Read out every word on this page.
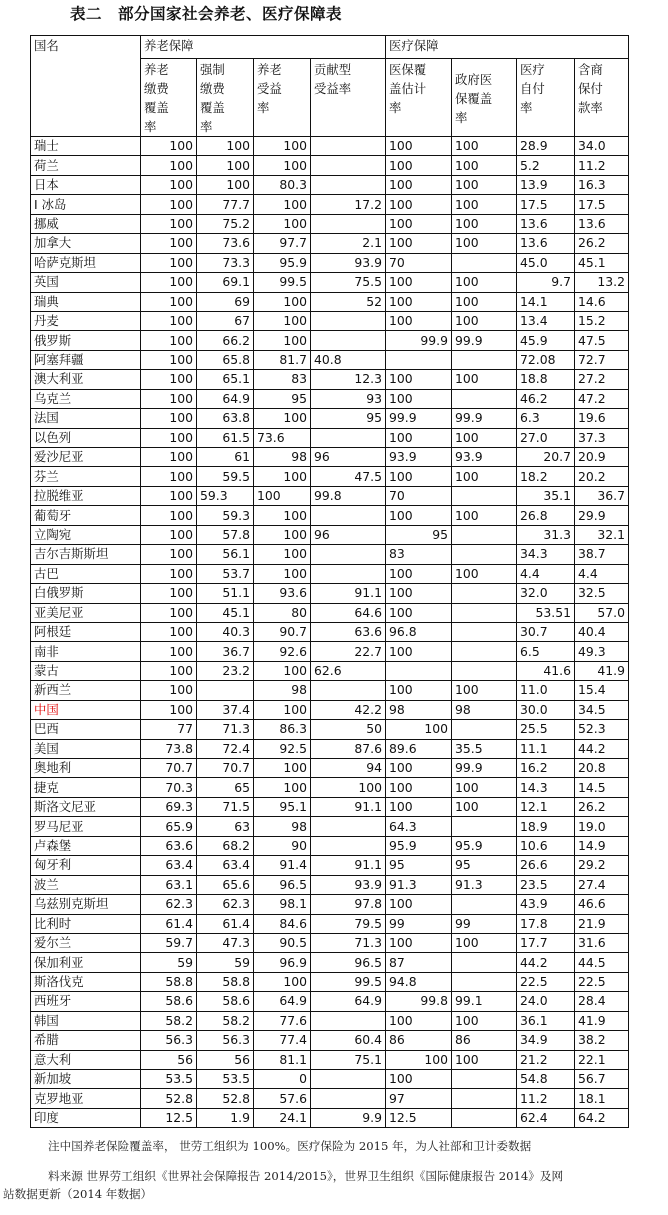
表二　部分国家社会养老、医疗保障表
国名	养老保障				医疗保障			
	养老
缴费
覆盖
率	强制
缴费
覆盖
率	养老
受益
率	贡献型
受益率	医保覆
盖估计
率	政府医
保覆盖
率	医疗
自付
率	含商
保付
款率
瑞士	100	100	100		100	100	28.9	34.0
荷兰	100	100	100		100	100	5.2	11.2
日本	100	100	80.3		100	100	13.9	16.3
I 冰岛	100	77.7	100	17.2	100	100	17.5	17.5
挪威	100	75.2	100		100	100	13.6	13.6
加拿大	100	73.6	97.7	2.1	100	100	13.6	26.2
哈萨克斯坦	100	73.3	95.9	93.9	70		45.0	45.1
英国	100	69.1	99.5	75.5	100	100	9.7	13.2
瑞典	100	69	100	52	100	100	14.1	14.6
丹麦	100	67	100		100	100	13.4	15.2
俄罗斯	100	66.2	100		99.9	99.9	45.9	47.5
阿塞拜疆	100	65.8	81.7	40.8			72.08	72.7
澳大利亚	100	65.1	83	12.3	100	100	18.8	27.2
乌克兰	100	64.9	95	93	100		46.2	47.2
法国	100	63.8	100	95	99.9	99.9	6.3	19.6
以色列	100	61.5	73.6		100	100	27.0	37.3
爱沙尼亚	100	61	98	96	93.9	93.9	20.7	20.9
芬兰	100	59.5	100	47.5	100	100	18.2	20.2
拉脱维亚	100	59.3	100	99.8	70		35.1	36.7
葡萄牙	100	59.3	100		100	100	26.8	29.9
立陶宛	100	57.8	100	96	95		31.3	32.1
吉尔吉斯斯坦	100	56.1	100		83		34.3	38.7
古巴	100	53.7	100		100	100	4.4	4.4
白俄罗斯	100	51.1	93.6	91.1	100		32.0	32.5
亚美尼亚	100	45.1	80	64.6	100		53.51	57.0
阿根廷	100	40.3	90.7	63.6	96.8		30.7	40.4
南非	100	36.7	92.6	22.7	100		6.5	49.3
蒙古	100	23.2	100	62.6			41.6	41.9
新西兰	100		98		100	100	11.0	15.4
中国	100	37.4	100	42.2	98	98	30.0	34.5
巴西	77	71.3	86.3	50	100		25.5	52.3
美国	73.8	72.4	92.5	87.6	89.6	35.5	11.1	44.2
奥地利	70.7	70.7	100	94	100	99.9	16.2	20.8
捷克	70.3	65	100	100	100	100	14.3	14.5
斯洛文尼亚	69.3	71.5	95.1	91.1	100	100	12.1	26.2
罗马尼亚	65.9	63	98		64.3		18.9	19.0
卢森堡	63.6	68.2	90		95.9	95.9	10.6	14.9
匈牙利	63.4	63.4	91.4	91.1	95	95	26.6	29.2
波兰	63.1	65.6	96.5	93.9	91.3	91.3	23.5	27.4
乌兹别克斯坦	62.3	62.3	98.1	97.8	100		43.9	46.6
比利时	61.4	61.4	84.6	79.5	99	99	17.8	21.9
爱尔兰	59.7	47.3	90.5	71.3	100	100	17.7	31.6
保加利亚	59	59	96.9	96.5	87		44.2	44.5
斯洛伐克	58.8	58.8	100	99.5	94.8		22.5	22.5
西班牙	58.6	58.6	64.9	64.9	99.8	99.1	24.0	28.4
韩国	58.2	58.2	77.6		100	100	36.1	41.9
希腊	56.3	56.3	77.4	60.4	86	86	34.9	38.2
意大利	56	56	81.1	75.1	100	100	21.2	22.1
新加坡	53.5	53.5	0		100		54.8	56.7
克罗地亚	52.8	52.8	57.6		97		11.2	18.1
印度	12.5	1.9	24.1	9.9	12.5		62.4	64.2
注中国养老保险覆盖率， 世劳工组织为 100%。医疗保险为 2015 年，为人社部和卫计委数据
料来源 世界劳工组织《世界社会保障报告 2014/2015》，世界卫生组织《国际健康报告 2014》及网
站数据更新（2014 年数据）
